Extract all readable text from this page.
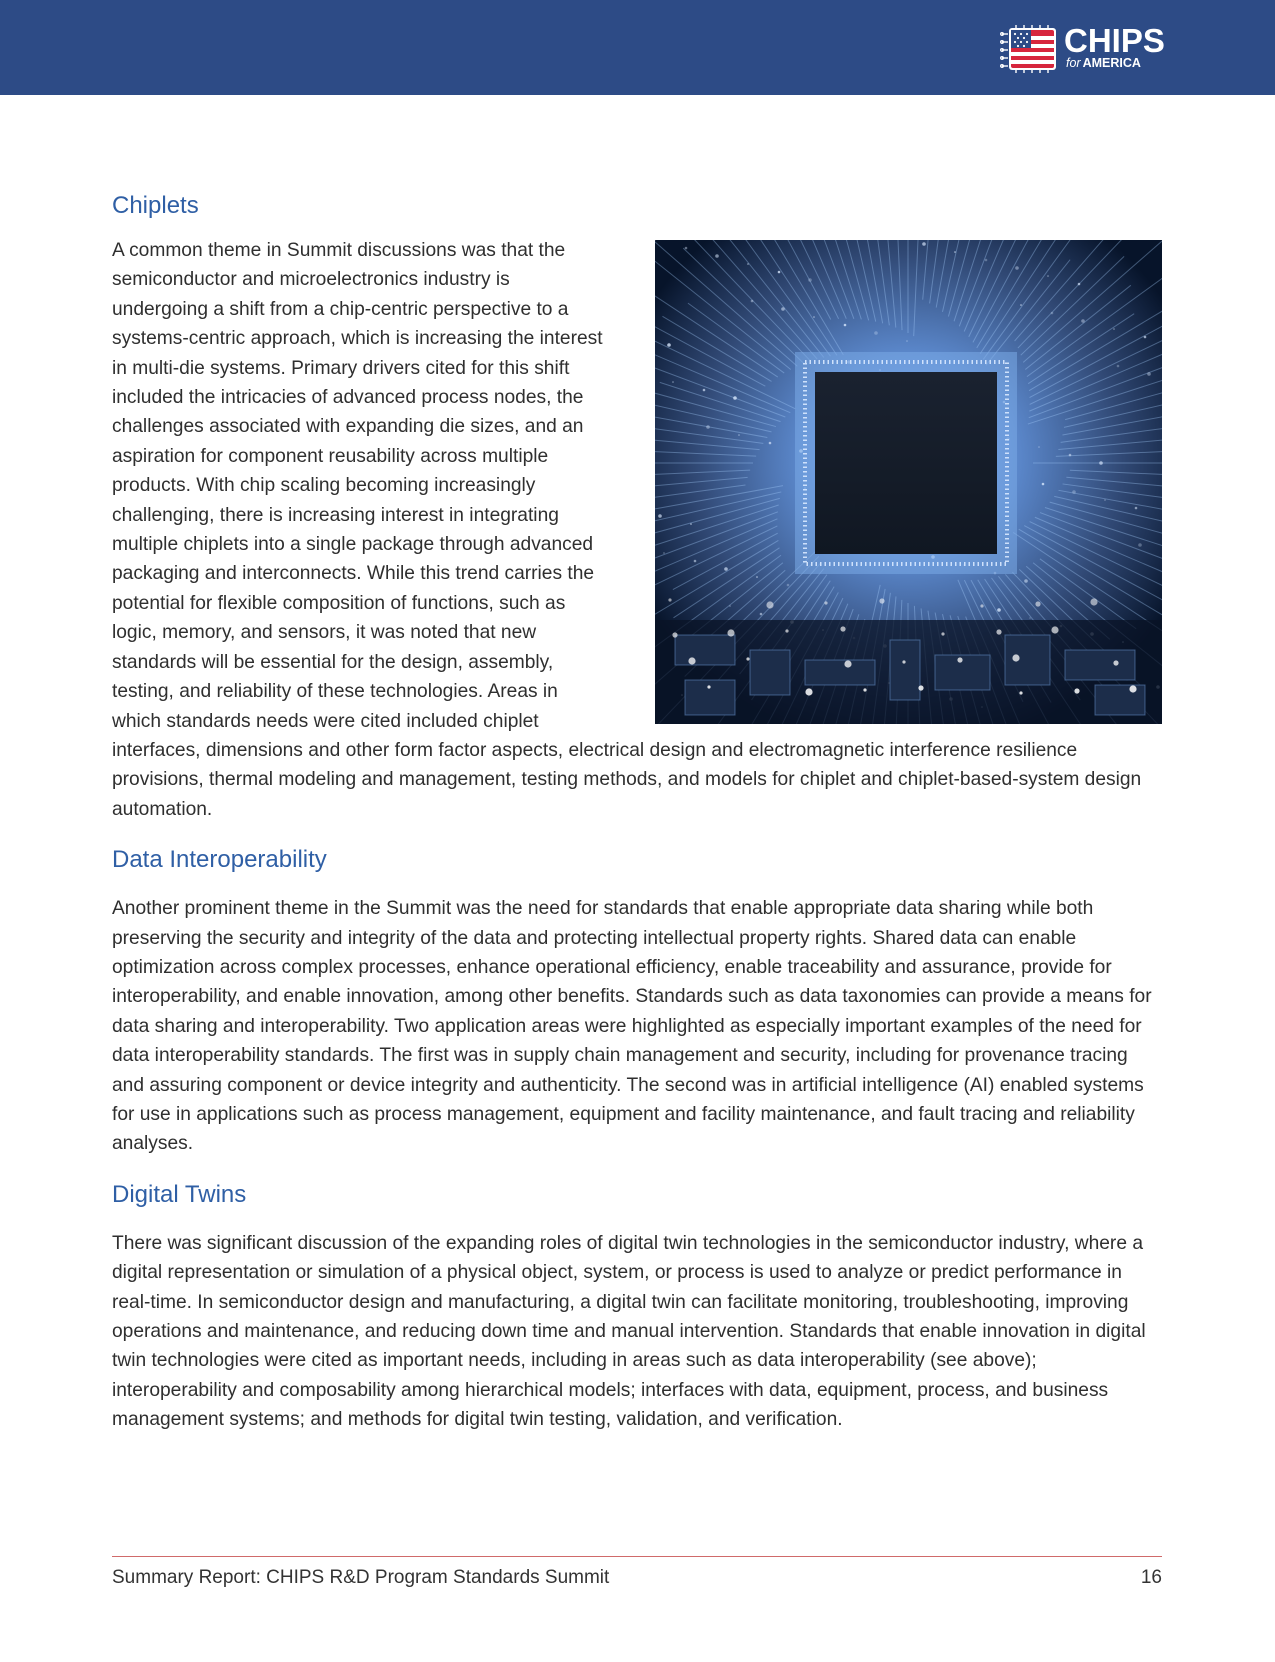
CHIPS
for AMERICA
Chiplets

A common theme in Summit discussions was that the semiconductor and microelectronics industry is undergoing a shift from a chip-centric perspective to a systems-centric approach, which is increasing the interest in multi-die systems. Primary drivers cited for this shift included the intricacies of advanced process nodes, the challenges associated with expanding die sizes, and an aspiration for component reusability across multiple products. With chip scaling becoming increasingly challenging, there is increasing interest in integrating multiple chiplets into a single package through advanced packaging and interconnects. While this trend carries the potential for flexible composition of functions, such as logic, memory, and sensors, it was noted that new standards will be essential for the design, assembly, testing, and reliability of these technologies. Areas in which standards needs were cited included chiplet interfaces, dimensions and other form factor aspects, electrical design and electromagnetic interference resilience provisions, thermal modeling and management, testing methods, and models for chiplet and chiplet-based-system design automation.

Data Interoperability

Another prominent theme in the Summit was the need for standards that enable appropriate data sharing while both preserving the security and integrity of the data and protecting intellectual property rights. Shared data can enable optimization across complex processes, enhance operational efficiency, enable traceability and assurance, provide for interoperability, and enable innovation, among other benefits. Standards such as data taxonomies can provide a means for data sharing and interoperability. Two application areas were highlighted as especially important examples of the need for data interoperability standards. The first was in supply chain management and security, including for provenance tracing and assuring component or device integrity and authenticity. The second was in artificial intelligence (AI) enabled systems for use in applications such as process management, equipment and facility maintenance, and fault tracing and reliability analyses.

Digital Twins

There was significant discussion of the expanding roles of digital twin technologies in the semiconductor industry, where a digital representation or simulation of a physical object, system, or process is used to analyze or predict performance in real-time. In semiconductor design and manufacturing, a digital twin can facilitate monitoring, troubleshooting, improving operations and maintenance, and reducing down time and manual intervention. Standards that enable innovation in digital twin technologies were cited as important needs, including in areas such as data interoperability (see above); interoperability and composability among hierarchical models; interfaces with data, equipment, process, and business management systems; and methods for digital twin testing, validation, and verification.

Summary Report: CHIPS R&D Program Standards Summit	16
